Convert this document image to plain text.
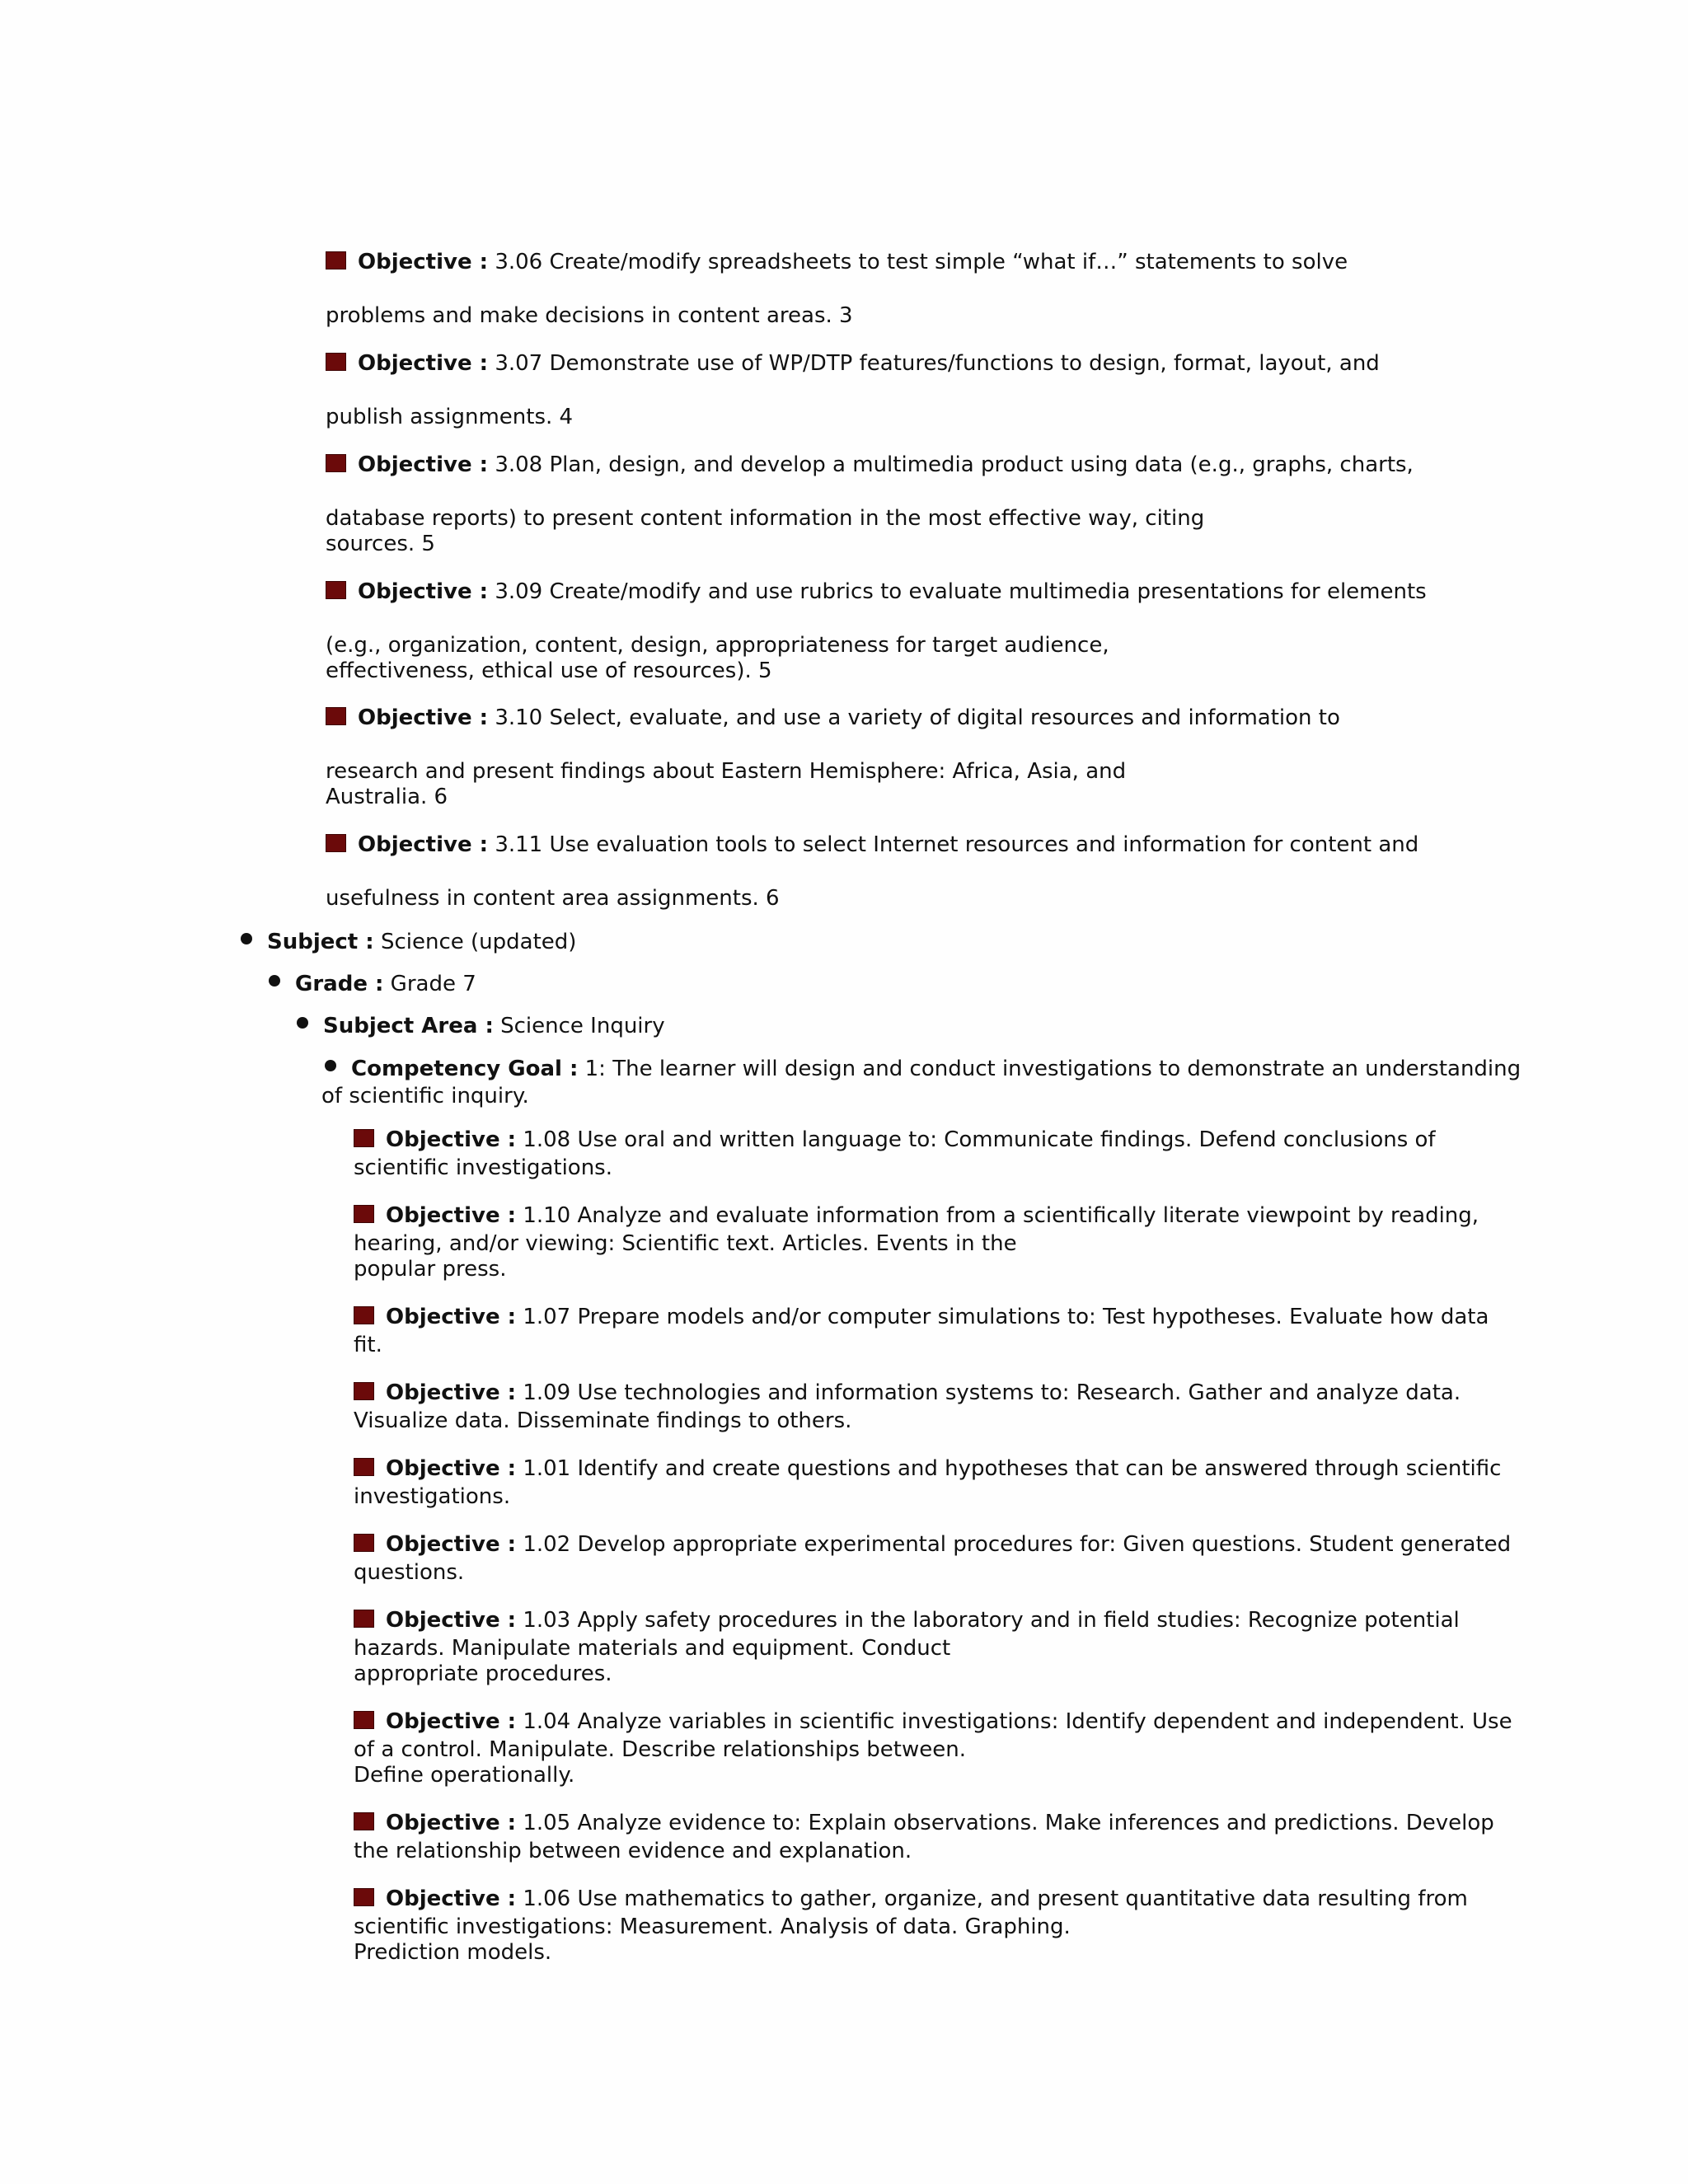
Objective : 3.06 Create/modify spreadsheets to test simple “what if…” statements to solve
problems and make decisions in content areas. 3
Objective : 3.07 Demonstrate use of WP/DTP features/functions to design, format, layout, and
publish assignments. 4
Objective : 3.08 Plan, design, and develop a multimedia product using data (e.g., graphs, charts,
database reports) to present content information in the most effective way, citing
sources. 5
Objective : 3.09 Create/modify and use rubrics to evaluate multimedia presentations for elements
(e.g., organization, content, design, appropriateness for target audience,
effectiveness, ethical use of resources). 5
Objective : 3.10 Select, evaluate, and use a variety of digital resources and information to
research and present findings about Eastern Hemisphere: Africa, Asia, and
Australia. 6
Objective : 3.11 Use evaluation tools to select Internet resources and information for content and
usefulness in content area assignments. 6
Subject : Science (updated)
Grade : Grade 7
Subject Area : Science Inquiry
Competency Goal : 1: The learner will design and conduct investigations to demonstrate an understanding
of scientific inquiry.
Objective : 1.08 Use oral and written language to: Communicate findings. Defend conclusions of
scientific investigations.
Objective : 1.10 Analyze and evaluate information from a scientifically literate viewpoint by reading,
hearing, and/or viewing: Scientific text. Articles. Events in the
popular press.
Objective : 1.07 Prepare models and/or computer simulations to: Test hypotheses. Evaluate how data
fit.
Objective : 1.09 Use technologies and information systems to: Research. Gather and analyze data.
Visualize data. Disseminate findings to others.
Objective : 1.01 Identify and create questions and hypotheses that can be answered through scientific
investigations.
Objective : 1.02 Develop appropriate experimental procedures for: Given questions. Student generated
questions.
Objective : 1.03 Apply safety procedures in the laboratory and in field studies: Recognize potential
hazards. Manipulate materials and equipment. Conduct
appropriate procedures.
Objective : 1.04 Analyze variables in scientific investigations: Identify dependent and independent. Use
of a control. Manipulate. Describe relationships between.
Define operationally.
Objective : 1.05 Analyze evidence to: Explain observations. Make inferences and predictions. Develop
the relationship between evidence and explanation.
Objective : 1.06 Use mathematics to gather, organize, and present quantitative data resulting from
scientific investigations: Measurement. Analysis of data. Graphing.
Prediction models.
